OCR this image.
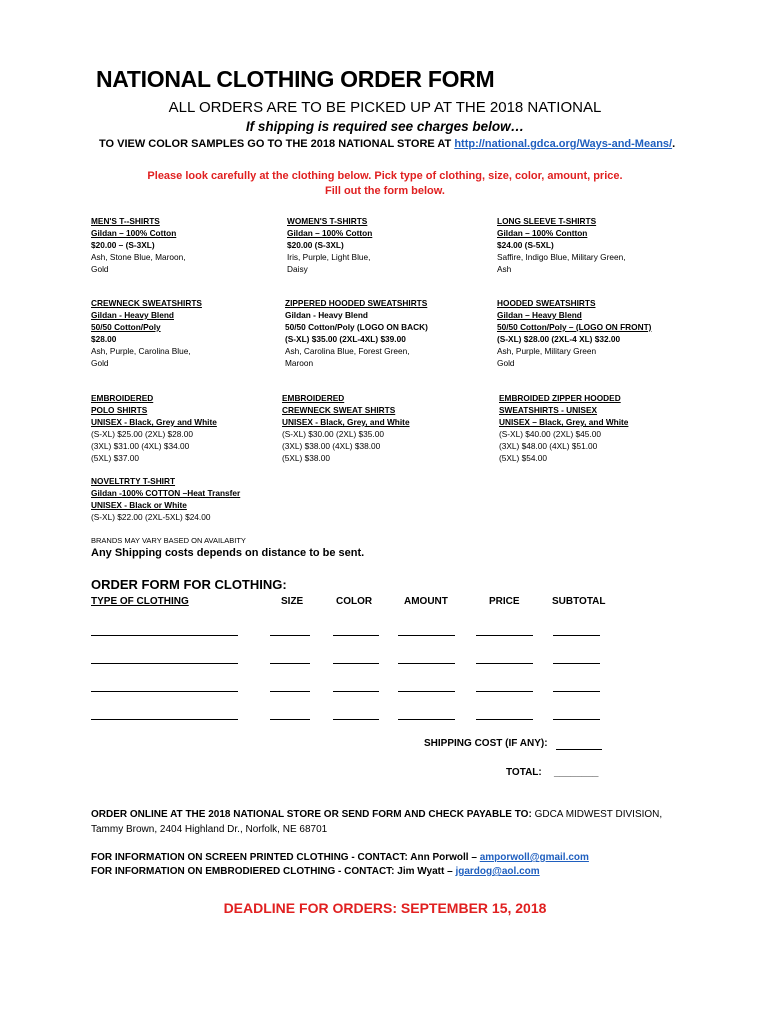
NATIONAL CLOTHING ORDER FORM
ALL ORDERS ARE TO BE PICKED UP AT THE 2018 NATIONAL
If shipping is required see charges below…
TO VIEW COLOR SAMPLES GO TO THE 2018 NATIONAL STORE AT http://national.gdca.org/Ways-and-Means/.
Please look carefully at the clothing below. Pick type of clothing, size, color, amount, price.
Fill out the form below.
MEN'S T--SHIRTS
Gildan – 100% Cotton
$20.00 – (S-3XL)
Ash, Stone Blue, Maroon,
Gold
WOMEN'S T-SHIRTS
Gildan – 100% Cotton
$20.00 (S-3XL)
Iris, Purple, Light Blue,
Daisy
LONG SLEEVE T-SHIRTS
Gildan – 100% Contton
$24.00 (S-5XL)
Saffire, Indigo Blue, Military Green,
Ash
CREWNECK SWEATSHIRTS
Gildan - Heavy Blend
50/50 Cotton/Poly
$28.00
Ash, Purple, Carolina Blue,
Gold
ZIPPERED HOODED SWEATSHIRTS
Gildan - Heavy Blend
50/50 Cotton/Poly (LOGO ON BACK)
(S-XL) $35.00 (2XL-4XL) $39.00
Ash, Carolina Blue, Forest Green,
Maroon
HOODED SWEATSHIRTS
Gildan – Heavy Blend
50/50 Cotton/Poly – (LOGO ON FRONT)
(S-XL) $28.00 (2XL-4 XL) $32.00
Ash, Purple, Military Green
Gold
EMBROIDERED
POLO SHIRTS
UNISEX - Black, Grey and White
(S-XL) $25.00 (2XL) $28.00
(3XL) $31.00 (4XL) $34.00
(5XL) $37.00
EMBROIDERED
CREWNECK SWEAT SHIRTS
UNISEX - Black, Grey, and White
(S-XL) $30.00 (2XL) $35.00
(3XL) $38.00 (4XL) $38.00
(5XL) $38.00
EMBROIDED ZIPPER HOODED
SWEATSHIRTS - UNISEX
UNISEX – Black, Grey, and White
(S-XL) $40.00 (2XL) $45.00
(3XL) $48.00 (4XL) $51.00
(5XL) $54.00
NOVELTRTY T-SHIRT
Gildan -100% COTTON –Heat Transfer
UNISEX - Black or White
(S-XL) $22.00 (2XL-5XL) $24.00
BRANDS MAY VARY BASED ON AVAILABITY
Any Shipping costs depends on distance to be sent.
ORDER FORM FOR CLOTHING:
TYPE OF CLOTHING	SIZE	COLOR	AMOUNT	PRICE	SUBTOTAL
SHIPPING COST (IF ANY):
TOTAL: ________
ORDER ONLINE AT THE 2018 NATIONAL STORE OR SEND FORM AND CHECK PAYABLE TO: GDCA MIDWEST DIVISION,
Tammy Brown, 2404 Highland Dr., Norfolk, NE 68701
FOR INFORMATION ON SCREEN PRINTED CLOTHING - CONTACT: Ann Porwoll – amporwoll@gmail.com
FOR INFORMATION ON EMBRODIERED CLOTHING - CONTACT: Jim Wyatt – jgardog@aol.com
DEADLINE FOR ORDERS: SEPTEMBER 15, 2018
